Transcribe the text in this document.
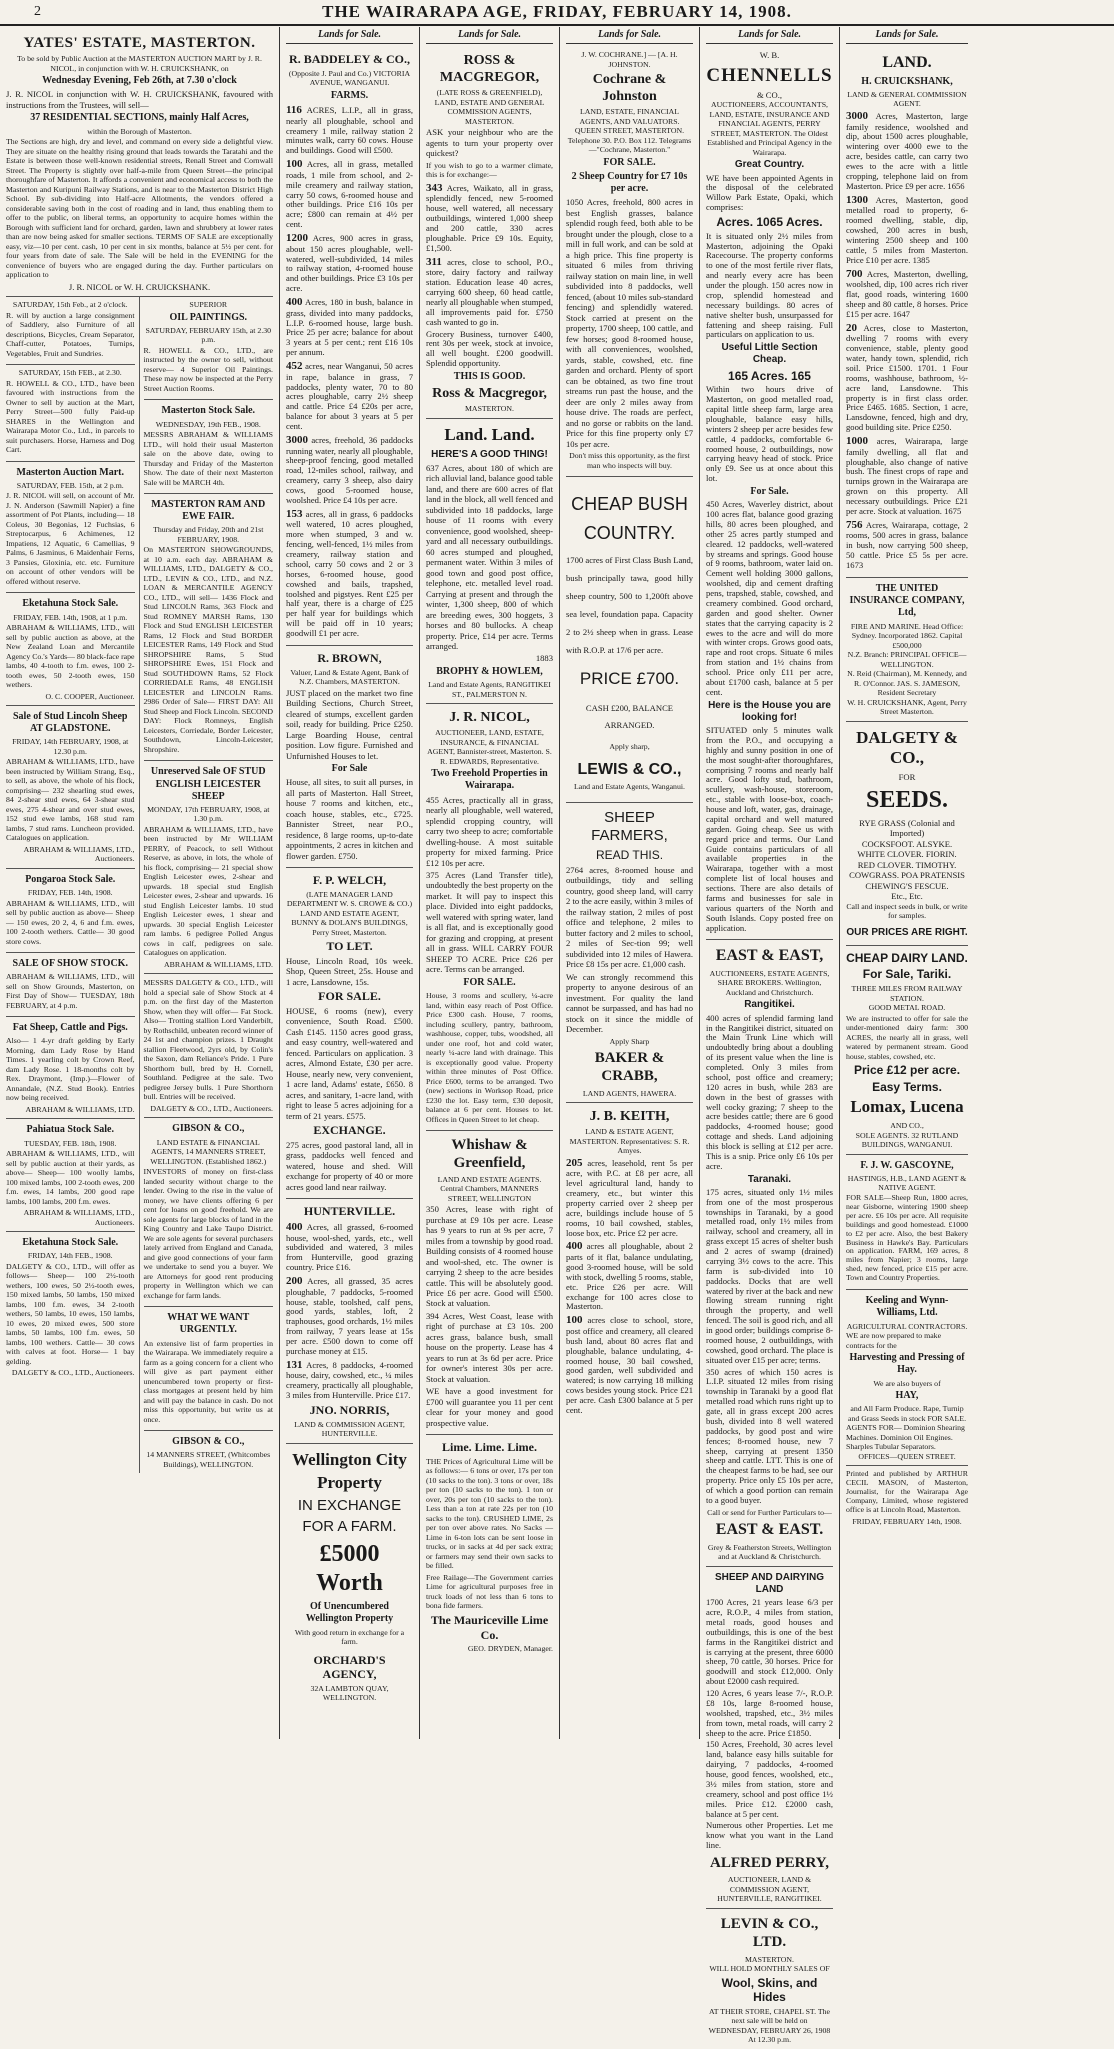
2	THE WAIRARAPA AGE, FRIDAY, FEBRUARY 14, 1908.
YATES' ESTATE, MASTERTON.

To be sold by Public Auction at the MASTERTON AUCTION MART by J. R. NICOL, in conjunction with W. H. CRUICKSHANK, on

Wednesday Evening, Feb 26th, at 7.30 o'clock

J. R. NICOL in conjunction with W. H. CRUICKSHANK, favoured with instructions from the Trustees, will sell—

37 RESIDENTIAL SECTIONS, mainly Half Acres,
within the Borough of Masterton.

The Sections are high, dry and level, and command on every side a delightful view. They are situate on the healthy rising ground that leads towards the Taratahi and the Estate is between those well-known residential streets, Renall Street and Cornwall Street. The Property is slightly over half-a-mile from Queen Street—the principal thoroughfare of Masterton. It affords a convenient and economical access to both the Masterton and Kuripuni Railway Stations, and is near to the Masterton District High School. By sub-dividing into Half-acre Allotments, the vendors offered a considerable saving both in the cost of roading and in land, thus enabling them to offer to the public, on liberal terms, an opportunity to acquire homes within the Borough with sufficient land for orchard, garden, lawn and shrubbery at lower rates than are now being asked for smaller sections. TERMS OF SALE are exceptionally easy, viz—10 per cent. cash, 10 per cent in six months, balance at 5½ per cent. for four years from date of sale. The Sale will be held in the EVENING for the convenience of buyers who are engaged during the day. Further particulars on application to

J. R. NICOL or W. H. CRUICKSHANK.
SATURDAY, 15th Feb., at 2 o'clock.

R. will by auction a large consignment of Saddlery, also Furniture of all descriptions, Bicycles, Cream Separator, Chaff-cutter, Potatoes, Turnips, Vegetables, Fruit and Sundries.

SATURDAY, 15th FEB., at 2.30.

R. HOWELL & CO., LTD., have been favoured with instructions from the Owner to sell by auction at the Mart, Perry Street—500 fully Paid-up SHARES in the Wellington and Wairarapa Motor Co., Ltd., in parcels to suit purchasers. Horse, Harness and Dog Cart.

Masterton Auction Mart.
SATURDAY, FEB. 15th, at 2 p.m.

J. R. NICOL will sell, on account of Mr. J. N. Anderson (Sawmill Napier) a fine assortment of Pot Plants, including— 18 Coleus, 30 Begonias, 12 Fuchsias, 6 Streptocarpus, 6 Achimenes, 12 Impatiens, 12 Aquatic, 6 Camellias, 9 Palms, 6 Jasminus, 6 Maidenhair Ferns, 3 Pansies, Gloxinia, etc. etc. Furniture on account of other vendors will be offered without reserve.

Eketahuna Stock Sale.
FRIDAY, FEB. 14th, 1908, at 1 p.m.

ABRAHAM & WILLIAMS, LTD., will sell by public auction as above, at the New Zealand Loan and Mercantile Agency Co.'s Yards— 80 black-face rape lambs, 40 4-tooth to f.m. ewes, 100 2-tooth ewes, 50 2-tooth ewes, 150 wethers.

O. C. COOPER, Auctioneer.
Sale of Stud Lincoln Sheep AT GLADSTONE.
FRIDAY, 14th FEBRUARY, 1908, at 12.30 p.m.

ABRAHAM & WILLIAMS, LTD., have been instructed by William Strang, Esq., to sell, as above, the whole of his flock, comprising— 232 shearling stud ewes, 84 2-shear stud ewes, 64 3-shear stud ewes, 275 4-shear and over stud ewes, 152 stud ewe lambs, 168 stud ram lambs, 7 stud rams. Luncheon provided. Catalogues on application.

ABRAHAM & WILLIAMS, LTD., Auctioneers.
Pongaroa Stock Sale.
FRIDAY, FEB. 14th, 1908.

ABRAHAM & WILLIAMS, LTD., will sell by public auction as above— Sheep— 150 ewes, 20 2, 4, 6 and f.m. ewes, 100 2-tooth wethers. Cattle— 30 good store cows.

SALE OF SHOW STOCK.

ABRAHAM & WILLIAMS, LTD., will sell on Show Grounds, Masterton, on First Day of Show— TUESDAY, 18th FEBRUARY, at 4 p.m.

Fat Sheep, Cattle and Pigs.

Also— 1 4-yr draft gelding by Early Morning, dam Lady Rose by Hand Times. 1 yearling colt by Crown Reef, dam Lady Rose. 1 18-months colt by Rex. Draymont, (Imp.)—Flower of Annandale, (N.Z. Stud Book). Entries now being received.

ABRAHAM & WILLIAMS, LTD.
Pahiatua Stock Sale.
TUESDAY, FEB. 18th, 1908.

ABRAHAM & WILLIAMS, LTD., will sell by public auction at their yards, as above— Sheep— 100 woolly lambs, 100 mixed lambs, 100 2-tooth ewes, 200 f.m. ewes, 14 lambs, 200 good rape lambs, 100 lambs, 200 f.m. ewes.

ABRAHAM & WILLIAMS, LTD., Auctioneers.
Eketahuna Stock Sale.
FRIDAY, 14th FEB., 1908.

DALGETY & CO., LTD., will offer as follows— Sheep— 100 2½-tooth wethers, 100 ewes, 50 2½-tooth ewes, 150 mixed lambs, 50 lambs, 150 mixed lambs, 100 f.m. ewes, 34 2-tooth wethers, 50 lambs, 10 ewes, 150 lambs, 10 ewes, 20 mixed ewes, 500 store lambs, 50 lambs, 100 f.m. ewes, 50 lambs, 100 wethers. Cattle— 30 cows with calves at foot. Horse— 1 bay gelding.

DALGETY & CO., LTD., Auctioneers.
SUPERIOR
OIL PAINTINGS.
SATURDAY, FEBRUARY 15th, at 2.30 p.m.

R. HOWELL & CO., LTD., are instructed by the owner to sell, without reserve— 4 Superior Oil Paintings. These may now be inspected at the Perry Street Auction Rooms.

Masterton Stock Sale.
WEDNESDAY, 19th FEB., 1908.

MESSRS ABRAHAM & WILLIAMS LTD., will hold their usual Masterton sale on the above date, owing to Thursday and Friday of the Masterton Show. The date of their next Masterton Sale will be MARCH 4th.

MASTERTON RAM AND EWE FAIR.
Thursday and Friday, 20th and 21st FEBRUARY, 1908.

On MASTERTON SHOWGROUNDS, at 10 a.m. each day. ABRAHAM & WILLIAMS, LTD., DALGETY & CO., LTD., LEVIN & CO., LTD., and N.Z. LOAN & MERCANTILE AGENCY CO., LTD., will sell— 1436 Flock and Stud LINCOLN Rams, 363 Flock and Stud ROMNEY MARSH Rams, 130 Flock and Stud ENGLISH LEICESTER Rams, 12 Flock and Stud BORDER LEICESTER Rams, 149 Flock and Stud SHROPSHIRE Rams, 5 Stud SHROPSHIRE Ewes, 151 Flock and Stud SOUTHDOWN Rams, 52 Flock CORRIEDALE Rams, 48 ENGLISH LEICESTER and LINCOLN Rams. 2986 Order of Sale— FIRST DAY: All Stud Sheep and Flock Lincoln. SECOND DAY: Flock Romneys, English Leicesters, Corriedale, Border Leicester, Southdown, Lincoln-Leicester, Shropshire.

Unreserved Sale OF STUD ENGLISH LEICESTER SHEEP
MONDAY, 17th FEBRUARY, 1908, at 1.30 p.m.

ABRAHAM & WILLIAMS, LTD., have been instructed by Mr WILLIAM PERRY, of Peacock, to sell Without Reserve, as above, in lots, the whole of his flock, comprising— 21 special show English Leicester ewes, 2-shear and upwards. 18 special stud English Leicester ewes, 2-shear and upwards. 16 stud English Leicester lambs. 10 stud English Leicester ewes, 1 shear and upwards. 30 special English Leicester ram lambs. 6 pedigree Polled Angus cows in calf, pedigrees on sale. Catalogues on application.

ABRAHAM & WILLIAMS, LTD.

MESSRS DALGETY & CO., LTD., will hold a special sale of Show Stock at 4 p.m. on the first day of the Masterton Show, when they will offer— Fat Stock. Also— Trotting stallion Lord Vanderbilt, by Rothschild, unbeaten record winner of 24 1st and champion prizes. 1 Draught stallion Fleetwood, 2yrs old, by Colin's the Saxon, dam Reliance's Pride. 1 Pure Shorthorn bull, bred by H. Cornell, Southland. Pedigree at the sale. Two pedigree Jersey bulls. 1 Pure Shorthorn bull. Entries will be received.

DALGETY & CO., LTD., Auctioneers.
GIBSON & CO.,
LAND ESTATE & FINANCIAL AGENTS, 14 MANNERS STREET, WELLINGTON. (Established 1862.)

INVESTORS of money on first-class landed security without charge to the lender. Owing to the rise in the value of money, we have clients offering 6 per cent for loans on good freehold. We are sole agents for large blocks of land in the King Country and Lake Taupo District. We are sole agents for several purchasers lately arrived from England and Canada, and give good connections of your farm we undertake to send you a buyer. We are Attorneys for good rent producing property in Wellington which we can exchange for farm lands.

WHAT WE WANT URGENTLY.

An extensive list of farm properties in the Wairarapa. We immediately require a farm as a going concern for a client who will give as part payment either unencumbered town property or first-class mortgages at present held by him and will pay the balance in cash. Do not miss this opportunity, but write us at once.

GIBSON & CO.,
14 MANNERS STREET, (Whitcombes Buildings), WELLINGTON.
Lands for Sale.
R. BADDELEY & CO.,
(Opposite J. Paul and Co.) VICTORIA AVENUE, WANGANUI.
FARMS.

116 ACRES, L.I.P., all in grass, nearly all ploughable, school and creamery 1 mile, railway station 2 minutes walk, carry 60 cows. House and buildings. Good will £500.

100 Acres, all in grass, metalled roads, 1 mile from school, and 2-mile creamery and railway station, carry 50 cows, 6-roomed house and other buildings. Price £16 10s per acre; £800 can remain at 4½ per cent.

1200 Acres, 900 acres in grass, about 150 acres ploughable, well-watered, well-subdivided, 14 miles to railway station, 4-roomed house and other buildings. Price £3 10s per acre.

400 Acres, 180 in bush, balance in grass, divided into many paddocks, L.I.P. 6-roomed house, large bush. Price 25 per acre; balance for about 3 years at 5 per cent.; rent £16 10s per annum.

452 acres, near Wanganui, 50 acres in rape, balance in grass, 7 paddocks, plenty water, 70 to 80 acres ploughable, carry 2½ sheep and cattle. Price £4 £20s per acre, balance for about 3 years at 5 per cent.

3000 acres, freehold, 36 paddocks running water, nearly all ploughable, sheep-proof fencing, good metalled road, 12-miles school, railway, and creamery, carry 3 sheep, also dairy cows, good 5-roomed house, woolshed. Price £4 10s per acre.

153 acres, all in grass, 6 paddocks well watered, 10 acres ploughed, more when stumped, 3 and w. fencing, well-fenced, 1½ miles from creamery, railway station and school, carry 50 cows and 2 or 3 horses, 6-roomed house, good cowshed and bails, trapshed, toolshed and pigstyes. Rent £25 per half year, there is a charge of £25 per half year for buildings which will be paid off in 10 years; goodwill £1 per acre.

R. BROWN,
Valuer, Land & Estate Agent, Bank of N.Z. Chambers, MASTERTON.

JUST placed on the market two fine Building Sections, Church Street, cleared of stumps, excellent garden soil, ready for building. Price £250. Large Boarding House, central position. Low figure. Furnished and Unfurnished Houses to let.

For Sale

House, all sites, to suit all purses, in all parts of Masterton. Hall Street, house 7 rooms and kitchen, etc., coach house, stables, etc., £725. Bannister Street, near P.O., residence, 8 large rooms, up-to-date appointments, 2 acres in kitchen and flower garden. £750.

F. P. WELCH,
(LATE MANAGER LAND DEPARTMENT W. S. CROWE & CO.) LAND AND ESTATE AGENT, BUNNY & DOLAN'S BUILDINGS, Perry Street, Masterton.
TO LET.

House, Lincoln Road, 10s week. Shop, Queen Street, 25s. House and 1 acre, Lansdowne, 15s.

FOR SALE.

HOUSE, 6 rooms (new), every convenience, South Road. £500. Cash £145. 1150 acres good grass, and easy country, well-watered and fenced. Particulars on application. 3 acres, Almond Estate, £30 per acre. House, nearly new, very convenient, 1 acre land, Adams' estate, £650. 8 acres, and sanitary, 1-acre land, with right to lease 5 acres adjoining for a term of 21 years. £575.

EXCHANGE.

275 acres, good pastoral land, all in grass, paddocks well fenced and watered, house and shed. Will exchange for property of 40 or more acres good land near railway.

HUNTERVILLE.

400 Acres, all grassed, 6-roomed house, wool-shed, yards, etc., well subdivided and watered, 3 miles from Hunterville, good grazing country. Price £16.

200 Acres, all grassed, 35 acres ploughable, 7 paddocks, 5-roomed house, stable, toolshed, calf pens, good yards, stables, loft, 2 traphouses, good orchards, 1½ miles from railway, 7 years lease at 15s per acre. £500 down to come off purchase money at £15.

131 Acres, 8 paddocks, 4-roomed house, dairy, cowshed, etc., ¼ miles creamery, practically all ploughable, 3 miles from Hunterville. Price £17.

JNO. NORRIS,
LAND & COMMISSION AGENT, HUNTERVILLE.
Wellington City
Property
IN EXCHANGE
FOR A FARM.
£5000 Worth
Of Unencumbered Wellington Property
With good return in exchange for a farm.
ORCHARD'S AGENCY,
32A LAMBTON QUAY, WELLINGTON.
Lands for Sale.
ROSS & MACGREGOR,
(LATE ROSS & GREENFIELD), LAND, ESTATE AND GENERAL COMMISSION AGENTS, MASTERTON.

ASK your neighbour who are the agents to turn your property over quickest?

If you wish to go to a warmer climate, this is for exchange:—

343 Acres, Waikato, all in grass, splendidly fenced, new 5-roomed house, well watered, all necessary outbuildings, wintered 1,000 sheep and 200 cattle, 330 acres ploughable. Price £9 10s. Equity, £1,500.

311 acres, close to school, P.O., store, dairy factory and railway station. Education lease 40 acres, carrying 600 sheep, 60 head cattle, nearly all ploughable when stumped, all improvements paid for. £750 cash wanted to go in.

Grocery Business, turnover £400, rent 30s per week, stock at invoice, all well bought. £200 goodwill. Splendid opportunity.

THIS IS GOOD.
Ross & Macgregor,
MASTERTON.
Land. Land.
HERE'S A GOOD THING!

637 Acres, about 180 of which are rich alluvial land, balance good table land, and there are 600 acres of flat land in the block, all well fenced and subdivided into 18 paddocks, large house of 11 rooms with every convenience, good woolshed, sheep-yard and all necessary outbuildings. 60 acres stumped and ploughed, permanent water. Within 3 miles of good town and good post office, telephone, etc. metalled level road. Carrying at present and through the winter, 1,300 sheep, 800 of which are breeding ewes, 300 hoggets, 3 horses and 80 bullocks. A cheap property. Price, £14 per acre. Terms arranged.

1883
BROPHY & HOWLEM,
Land and Estate Agents, RANGITIKEI ST., PALMERSTON N.
J. R. NICOL,
AUCTIONEER, LAND, ESTATE, INSURANCE, & FINANCIAL AGENT, Bannister-street, Masterton. S. R. EDWARDS, Representative.
Two Freehold Properties in Wairarapa.

455 Acres, practically all in grass, nearly all ploughable, well watered, splendid cropping country, will carry two sheep to acre; comfortable dwelling-house. A most suitable property for mixed farming. Price £12 10s per acre.

375 Acres (Land Transfer title), undoubtedly the best property on the market. It will pay to inspect this place. Divided into eight paddocks, well watered with spring water, land is all flat, and is exceptionally good for grazing and cropping, at present all in grass. WILL CARRY FOUR SHEEP TO ACRE. Price £26 per acre. Terms can be arranged.

FOR SALE.

House, 3 rooms and scullery, ¼-acre land, within easy reach of Post Office. Price £300 cash. House, 7 rooms, including scullery, pantry, bathroom, washhouse, copper, tubs, woodshed, all under one roof, hot and cold water, nearly ¼-acre land with drainage. This is exceptionally good value. Property within three minutes of Post Office. Price £600, terms to be arranged. Two (new) sections in Worksop Road, price £230 the lot. Easy term, £30 deposit, balance at 6 per cent. Houses to let. Offices in Queen Street to let cheap.

Whishaw & Greenfield,
LAND AND ESTATE AGENTS. Central Chambers, MANNERS STREET, WELLINGTON

350 Acres, lease with right of purchase at £9 10s per acre. Lease has 9 years to run at 9s per acre, 7 miles from a township by good road. Building consists of 4 roomed house and wool-shed, etc. The owner is carrying 2 sheep to the acre besides cattle. This will be absolutely good. Price £6 per acre. Good will £500. Stock at valuation.

394 Acres, West Coast, lease with right of purchase at £3 10s. 200 acres grass, balance bush, small house on the property. Lease has 4 years to run at 3s 6d per acre. Price for owner's interest 30s per acre. Stock at valuation.

WE have a good investment for £700 will guarantee you 11 per cent clear for your money and good prospective value.

Lime. Lime. Lime.

THE Prices of Agricultural Lime will be as follows:— 6 tons or over, 17s per ton (10 sacks to the ton). 3 tons or over, 18s per ton (10 sacks to the ton). 1 ton or over, 20s per ton (10 sacks to the ton). Less than a ton at rate 22s per ton (10 sacks to the ton). CRUSHED LIME, 2s per ton over above rates. No Sacks — Lime in 6-ton lots can be sent loose in trucks, or in sacks at 4d per sack extra; or farmers may send their own sacks to be filled.

Free Railage—The Government carries Lime for agricultural purposes free in truck loads of not less than 6 tons to bona fide farmers.

The Mauriceville Lime Co.
GEO. DRYDEN, Manager.
Lands for Sale.
J. W. COCHRANE.] — [A. H. JOHNSTON.
Cochrane & Johnston
LAND, ESTATE, FINANCIAL AGENTS, AND VALUATORS. QUEEN STREET, MASTERTON. Telephone 30. P.O. Box 112. Telegrams —"Cochrane, Masterton."
FOR SALE.
2 Sheep Country for £7 10s per acre.

1050 Acres, freehold, 800 acres in best English grasses, balance splendid rough feed, both able to be brought under the plough, close to a mill in full work, and can be sold at a high price. This fine property is situated 6 miles from thriving railway station on main line, in well subdivided into 8 paddocks, well fenced, (about 10 miles sub-standard fencing) and splendidly watered. Stock carried at present on the property, 1700 sheep, 100 cattle, and few horses; good 8-roomed house, with all conveniences, woolshed, yards, stable, cowshed, etc. fine garden and orchard. Plenty of sport can be obtained, as two fine trout streams run past the house, and the deer are only 2 miles away from house drive. The roads are perfect, and no gorse or rabbits on the land. Price for this fine property only £7 10s per acre.

Don't miss this opportunity, as the first man who inspects will buy.

CHEAP BUSH COUNTRY.

1700 acres of First Class Bush Land, bush principally tawa, good hilly sheep country, 500 to 1,200ft above sea level, foundation papa. Capacity 2 to 2½ sheep when in grass. Lease with R.O.P. at 17/6 per acre.

PRICE £700.
CASH £200, BALANCE ARRANGED.
Apply sharp,
LEWIS & CO.,
Land and Estate Agents, Wanganui.
SHEEP FARMERS,
READ THIS.

2764 acres, 8-roomed house and outbuildings, tidy and selling country, good sheep land, will carry 2 to the acre easily, within 3 miles of the railway station, 2 miles of post office and telephone, 2 miles to butter factory and 2 miles to school, 2 miles of Sec-tion 99; well subdivided into 12 miles of Hawera. Price £8 15s per acre. £1,000 cash.

We can strongly recommend this property to anyone desirous of an investment. For quality the land cannot be surpassed, and has had no stock on it since the middle of December.

Apply Sharp
BAKER & CRABB,
LAND AGENTS, HAWERA.
J. B. KEITH,
LAND & ESTATE AGENT, MASTERTON. Representatives: S. R. Amyes.

205 acres, leasehold, rent 5s per acre, with P.C. at £8 per acre, all level agricultural land, handy to creamery, etc., but winter this property carried over 2 sheep per acre, buildings include house of 5 rooms, 10 bail cowshed, stables, loose box, etc. Price £2 per acre.

400 acres all ploughable, about 2 parts of it flat, balance undulating, good 3-roomed house, will be sold with stock, dwelling 5 rooms, stable, etc. Price £26 per acre. Will exchange for 100 acres close to Masterton.

100 acres close to school, store, post office and creamery, all cleared bush land, about 80 acres flat and ploughable, balance undulating, 4-roomed house, 30 bail cowshed, good garden, well subdivided and watered; is now carrying 18 milking cows besides young stock. Price £21 per acre. Cash £300 balance at 5 per cent.

Lands for Sale.
W. B.
CHENNELLS
& CO.,
AUCTIONEERS, ACCOUNTANTS, LAND, ESTATE, INSURANCE AND FINANCIAL AGENTS, PERRY STREET, MASTERTON. The Oldest Established and Principal Agency in the Wairarapa.
Great Country.

WE have been appointed Agents in the disposal of the celebrated Willow Park Estate, Opaki, which comprises:

Acres. 1065 Acres.

It is situated only 2½ miles from Masterton, adjoining the Opaki Racecourse. The property conforms to one of the most fertile river flats, and nearly every acre has been under the plough. 150 acres now in crop, splendid homestead and necessary buildings. 80 acres of native shelter bush, unsurpassed for fattening and sheep raising. Full particulars on application to us.

Useful Little Section Cheap.
165 Acres. 165

Within two hours drive of Masterton, on good metalled road, capital little sheep farm, large area ploughable, balance easy hills, winters 2 sheep per acre besides few cattle, 4 paddocks, comfortable 6-roomed house, 2 outbuildings, now carrying heavy head of stock. Price only £9. See us at once about this lot.

For Sale.

450 Acres, Waverley district, about 100 acres flat, balance good grazing hills, 80 acres been ploughed, and other 25 acres partly stumped and cleared. 12 paddocks, well-watered by streams and springs. Good house of 9 rooms, bathroom, water laid on. Cement well holding 3000 gallons, woolshed, dip and cement drafting pens, trapshed, stable, cowshed, and creamery combined. Good orchard, garden and good shelter. Owner states that the carrying capacity is 2 ewes to the acre and will do more with winter crops. Grows good oats, rape and root crops. Situate 6 miles from station and 1½ chains from school. Price only £11 per acre, about £1700 cash, balance at 5 per cent.

Here is the House you are looking for!

SITUATED only 5 minutes walk from the P.O., and occupying a highly and sunny position in one of the most sought-after thoroughfares, comprising 7 rooms and nearly half acre. Good lofty stud, bathroom, scullery, wash-house, storeroom, etc., stable with loose-box, coach-house and loft, water, gas, drainage, capital orchard and well matured garden. Going cheap. See us with regard price and terms. Our Land Guide contains particulars of all available properties in the Wairarapa, together with a most complete list of local houses and sections. There are also details of farms and businesses for sale in various quarters of the North and South Islands. Copy posted free on application.

EAST & EAST,
AUCTIONEERS, ESTATE AGENTS, SHARE BROKERS. Wellington, Auckland and Christchurch.
Rangitikei.

400 acres of splendid farming land in the Rangitikei district, situated on the Main Trunk Line which will undoubtedly bring about a doubling of its present value when the line is completed. Only 3 miles from school, post office and creamery; 120 acres in bush, while 283 are down in the best of grasses with well cocky grazing; 7 sheep to the acre besides cattle; there are 6 good paddocks, 4-roomed house; good cottage and sheds. Land adjoining this block is selling at £12 per acre. This is a snip. Price only £6 10s per acre.

Taranaki.

175 acres, situated only 1½ miles from one of the most prosperous townships in Taranaki, by a good metalled road, only 1½ miles from railway, school and creamery, all in grass except 15 acres of shelter bush and 2 acres of swamp (drained) carrying 3½ cows to the acre. This farm is sub-divided into 10 paddocks. Docks that are well watered by river at the back and new flowing stream running right through the property, and well fenced. The soil is good rich, and all in good order; buildings comprise 8-roomed house, 2 outbuildings, with cowshed, good orchard. The place is situated over £15 per acre; terms.

350 acres of which 150 acres is L.I.P. situated 12 miles from rising township in Taranaki by a good flat metalled road which runs right up to gate, all in grass except 200 acres bush, divided into 8 well watered paddocks, by good post and wire fences; 8-roomed house, new 7 sheep, carrying at present 1350 sheep and cattle. LTT. This is one of the cheapest farms to be had, see our property. Price only £5 10s per acre, of which a good portion can remain to a good buyer.

Call or send for Further Particulars to—
EAST & EAST.
Grey & Featherston Streets, Wellington and at Auckland & Christchurch.
SHEEP AND DAIRYING LAND

1700 Acres, 21 years lease 6/3 per acre, R.O.P., 4 miles from station, metal roads, good houses and outbuildings, this is one of the best farms in the Rangitikei district and is carrying at the present, three 6000 sheep, 70 cattle, 30 horses. Price for goodwill and stock £12,000. Only about £2000 cash required.

120 Acres, 6 years lease 7/-, R.O.P. £8 10s, large 8-roomed house, woolshed, trapshed, etc., 3½ miles from town, metal roads, will carry 2 sheep to the acre. Price £1850.

150 Acres, Freehold, 30 acres level land, balance easy hills suitable for dairying, 7 paddocks, 4-roomed house, good fences, woolshed, etc., 3½ miles from station, store and creamery, school and post office 1½ miles. Price £12. £2000 cash, balance at 5 per cent.

Numerous other Properties. Let me know what you want in the Land line.

ALFRED PERRY,
AUCTIONEER, LAND & COMMISSION AGENT, HUNTERVILLE, RANGITIKEI.
LEVIN & CO., LTD.
MASTERTON.
WILL HOLD MONTHLY SALES OF
Wool, Skins, and Hides
AT THEIR STORE, CHAPEL ST. The next sale will be held on WEDNESDAY, FEBRUARY 26, 1908 At 12.30 p.m.
Lands for Sale.
LAND.
H. CRUICKSHANK,
LAND & GENERAL COMMISSION AGENT.

3000 Acres, Masterton, large family residence, woolshed and dip, about 1500 acres ploughable, wintering over 4000 ewe to the acre, besides cattle, can carry two ewes to the acre with a little cropping, telephone laid on from Masterton. Price £9 per acre. 1656

1300 Acres, Masterton, good metalled road to property, 6-roomed dwelling, stable, dip, cowshed, 200 acres in bush, wintering 2500 sheep and 100 cattle, 5 miles from Masterton. Price £10 per acre. 1385

700 Acres, Masterton, dwelling, woolshed, dip, 100 acres rich river flat, good roads, wintering 1600 sheep and 80 cattle, 8 horses. Price £15 per acre. 1647

20 Acres, close to Masterton, dwelling 7 rooms with every convenience, stable, plenty good water, handy town, splendid, rich soil. Price £1500. 1701. 1 Four rooms, washhouse, bathroom, ½-acre land, Lansdowne. This property is in first class order. Price £465. 1685. Section, 1 acre, Lansdowne, fenced, high and dry, good building site. Price £250.

1000 acres, Wairarapa, large family dwelling, all flat and ploughable, also change of native bush. The finest crops of rape and turnips grown in the Wairarapa are grown on this property. All necessary outbuildings. Price £21 per acre. Stock at valuation. 1675

756 Acres, Wairarapa, cottage, 2 rooms, 500 acres in grass, balance in bush, now carrying 500 sheep, 50 cattle. Price £5 5s per acre. 1673

THE UNITED INSURANCE COMPANY, Ltd,
FIRE AND MARINE. Head Office: Sydney. Incorporated 1862. Capital £500,000
N.Z. Branch: PRINCIPAL OFFICE—WELLINGTON.
N. Reid (Chairman), M. Kennedy, and R. O'Connor. JAS. S. JAMESON, Resident Secretary
W. H. CRUICKSHANK, Agent, Perry Street Masterton.
DALGETY & CO.,
FOR
SEEDS.
RYE GRASS (Colonial and Imported)
COCKSFOOT. ALSYKE.
WHITE CLOVER. FIORIN.
RED CLOVER. TIMOTHY.
COWGRASS. POA PRATENSIS
CHEWING'S FESCUE.
Etc., Etc.
Call and inspect seeds in bulk, or write for samples.
OUR PRICES ARE RIGHT.
CHEAP DAIRY LAND.
For Sale, Tariki.
THREE MILES FROM RAILWAY STATION.
GOOD METAL ROAD.

We are instructed to offer for sale the under-mentioned dairy farm: 300 ACRES, the nearly all in grass, well watered by permanent stream. Good house, stables, cowshed, etc.

Price £12 per acre.
Easy Terms.
Lomax, Lucena
AND CO.,
SOLE AGENTS. 32 RUTLAND BUILDINGS, WANGANUI.
F. J. W. GASCOYNE,
HASTINGS, H.B., LAND AGENT & NATIVE AGENT.

FOR SALE—Sheep Run, 1800 acres, near Gisborne, wintering 1900 sheep per acre. £6 10s per acre. All requisite buildings and good homestead. £1000 to £2 per acre. Also, the best Bakery Business in Hawke's Bay. Particulars on application. FARM, 169 acres, 8 miles from Napier; 3 rooms, large shed, new fenced, price £15 per acre. Town and Country Properties.

Keeling and Wynn-Williams, Ltd.
AGRICULTURAL CONTRACTORS.
WE are now prepared to make contracts for the
Harvesting and Pressing of Hay.
We are also buyers of
HAY,
and All Farm Produce. Rape, Turnip and Grass Seeds in stock FOR SALE.
AGENTS FOR— Dominion Shearing Machines. Dominion Oil Engines. Sharples Tubular Separators.
OFFICES—QUEEN STREET.

Printed and published by ARTHUR CECIL MASON, of Masterton, Journalist, for the Wairarapa Age Company, Limited, whose registered office is at Lincoln Road, Masterton.

FRIDAY, FEBRUARY 14th, 1908.
